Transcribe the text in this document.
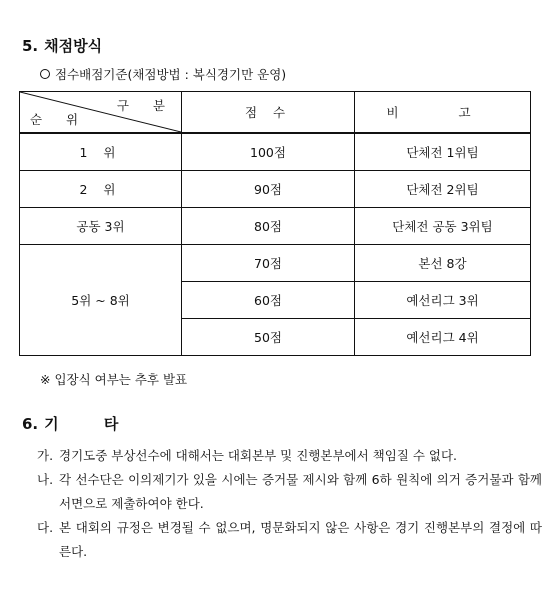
5. 채점방식
점수배점기준(채점방법 : 복식경기만 운영)
구 분
순 위	점 수	비 고
1 위	100점	단체전 1위팀
2 위	90점	단체전 2위팀
공동 3위	80점	단체전 공동 3위팀
5위 ~ 8위	70점	본선 8강
	60점	예선리그 3위
	50점	예선리그 4위
※ 입장식 여부는 추후 발표
6. 기 타
가. 경기도중 부상선수에 대해서는 대회본부 및 진행본부에서 책임질 수 없다.
나. 각 선수단은 이의제기가 있을 시에는 증거물 제시와 함께 6하 원칙에 의거 증거물과 함께 서면으로 제출하여야 한다.
다. 본 대회의 규정은 변경될 수 없으며, 명문화되지 않은 사항은 경기 진행본부의 결정에 따른다.
